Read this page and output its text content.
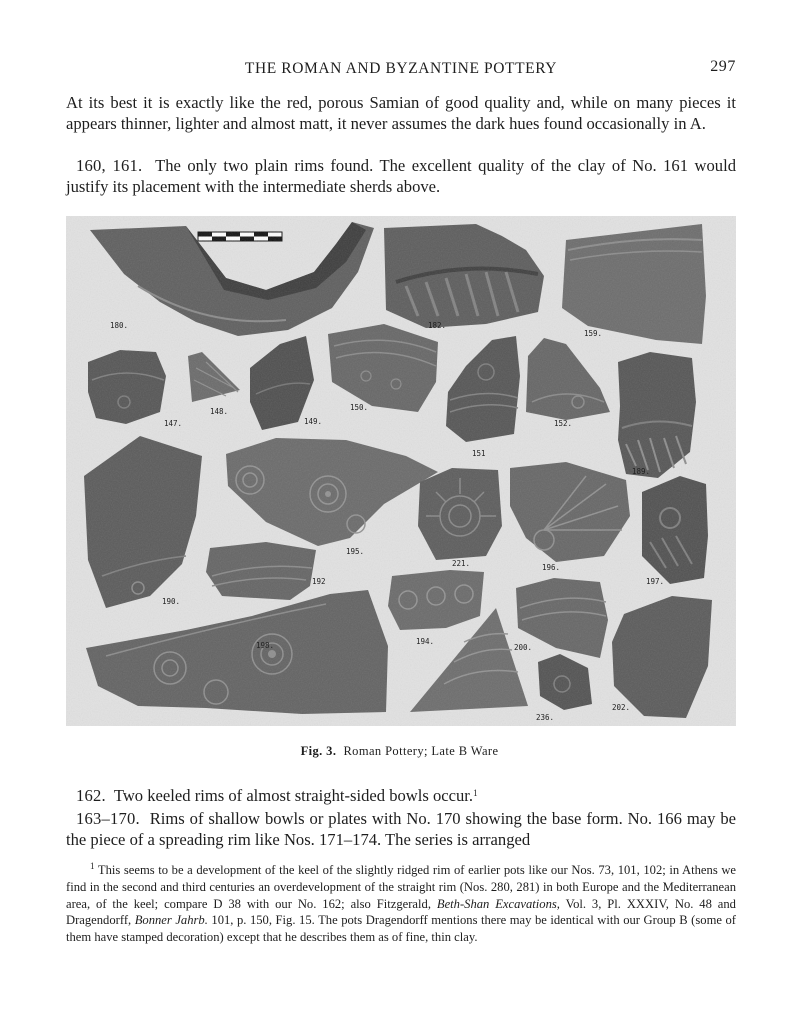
THE ROMAN AND BYZANTINE POTTERY	297
At its best it is exactly like the red, porous Samian of good quality and, while on many pieces it appears thinner, lighter and almost matt, it never assumes the dark hues found occasionally in A.
160, 161. The only two plain rims found. The excellent quality of the clay of No. 161 would justify its placement with the intermediate sherds above.
180.	182.
159.
147.
148.
149.
150.
151
152.
189.
195.
221.	196.
197.
190.
192
198.	194.
200.
236.
202.
Fig. 3. Roman Pottery; Late B Ware
162. Two keeled rims of almost straight-sided bowls occur.$^1$
163–170. Rims of shallow bowls or plates with No. 170 showing the base form. No. 166 may be the piece of a spreading rim like Nos. 171–174. The series is arranged
$^1$ This seems to be a development of the keel of the slightly ridged rim of earlier pots like our Nos. 73, 101, 102; in Athens we find in the second and third centuries an overdevelopment of the straight rim (Nos. 280, 281) in both Europe and the Mediterranean area, of the keel; compare D 38 with our No. 162; also Fitzgerald, Beth-Shan Excavations, Vol. 3, Pl. XXXIV, No. 48 and Dragendorff, Bonner Jahrb. 101, p. 150, Fig. 15. The pots Dragendorff mentions there may be identical with our Group B (some of them have stamped decoration) except that he describes them as of fine, thin clay.
